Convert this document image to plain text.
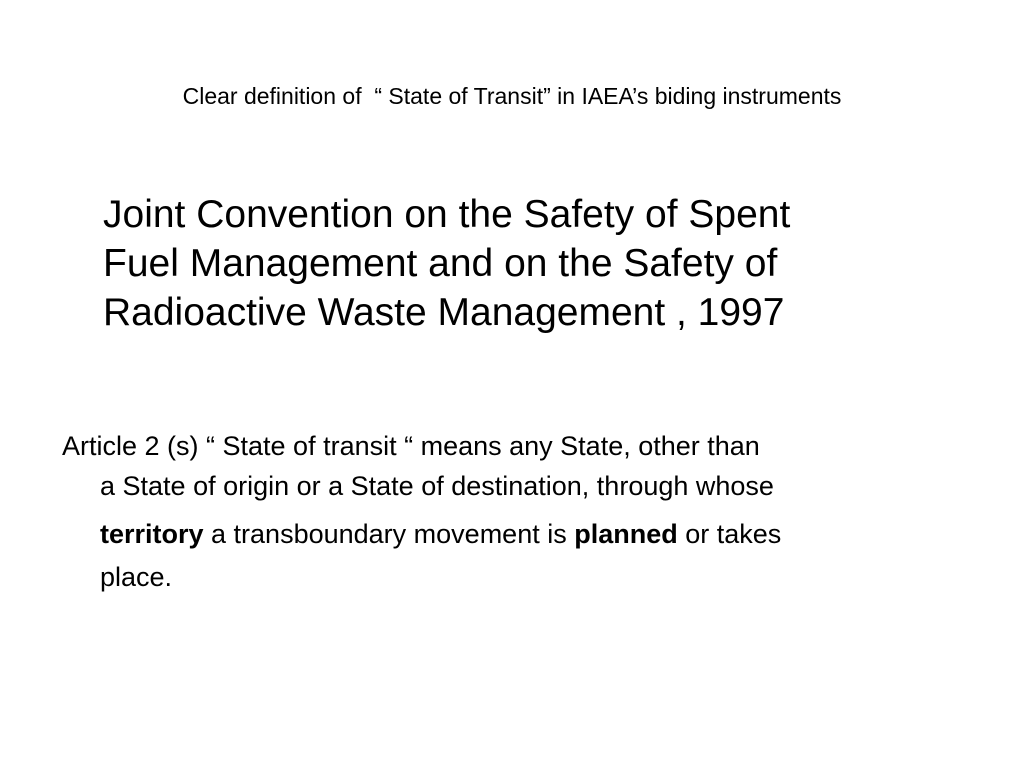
Clear definition of  “ State of Transit” in IAEA’s biding instruments
Joint Convention on the Safety of Spent
Fuel Management and on the Safety of
Radioactive Waste Management , 1997
Article 2 (s) “ State of transit “ means any State, other than
a State of origin or a State of destination, through whose
territory a transboundary movement is planned or takes
place.
